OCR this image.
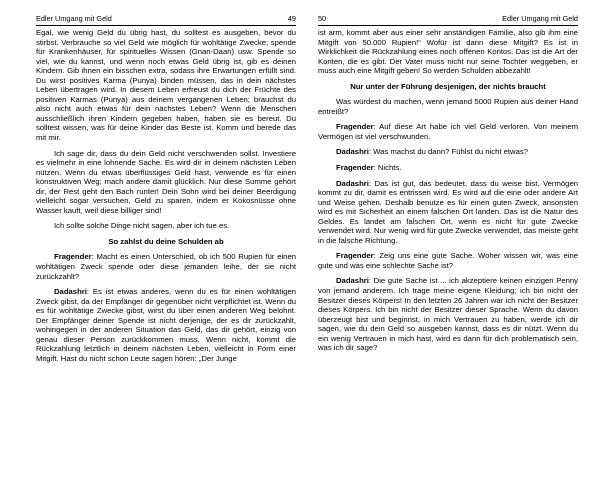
Edler Umgang mit Geld	49

Egal, wie wenig Geld du übrig hast, du solltest es ausgeben, bevor du stirbst. Verbrauche so viel Geld wie möglich für wohltätige Zwecke; spende für Krankenhäuser, für spirituelles Wissen (Gnan-Daan) usw. Spende so viel, wie du kannst, und wenn noch etwas Geld übrig ist, gib es deinen Kindern. Gib ihnen ein bisschen extra, sodass ihre Erwartungen erfüllt sind. Du wirst positives Karma (Punya) binden müssen, das in dein nächstes Leben übertragen wird. In diesem Leben erfreust du dich der Früchte des positiven Karmas (Punya) aus deinem vergangenen Leben; brauchst du also nicht auch etwas für dein nächstes Leben? Wenn die Menschen ausschließlich ihren Kindern gegeben haben, haben sie es bereut. Du solltest wissen, was für deine Kinder das Beste ist. Komm und berede das mit mir.

Ich sage dir, dass du dein Geld nicht verschwenden sollst. Investiere es vielmehr in eine lohnende Sache. Es wird dir in deinem nächsten Leben nützen. Wenn du etwas überflüssiges Geld hast, verwende es für einen konstruktiven Weg; mach andere damit glücklich. Nur diese Summe gehört dir, der Rest geht den Bach runter! Dein Sohn wird bei deiner Beerdigung vielleicht sogar versuchen, Geld zu sparen, indem er Kokosnüsse ohne Wasser kauft, weil diese billiger sind!

Ich sollte solche Dinge nicht sagen, aber ich tue es.

So zahlst du deine Schulden ab

Fragender: Macht es einen Unterschied, ob ich 500 Rupien für einen wohltätigen Zweck spende oder diese jemanden leihe, der sie nicht zurückzahlt?

Dadashri: Es ist etwas anderes, wenn du es für einen wohltätigen Zweck gibst, da der Empfänger dir gegenüber nicht verpflichtet ist. Wenn du es für wohltätige Zwecke gibst, wirst du über einen anderen Weg belohnt. Der Empfänger deiner Spende ist nicht derjenige, der es dir zurückzahlt, wohingegen in der anderen Situation das Geld, das dir gehört, einzig von genau dieser Person zurückkommen muss. Wenn nicht, kommt die Rückzahlung letztlich in deinem nächsten Leben, vielleicht in Form einer Mitgift. Hast du nicht schon Leute sagen hören: „Der Junge

50	Edler Umgang mit Geld

ist arm, kommt aber aus einer sehr anständigen Familie, also gib ihm eine Mitgift von 50.000 Rupien!“ Wofür ist dann diese Mitgift? Es ist in Wirklichkeit die Rückzahlung eines noch offenen Kontos. Das ist die Art der Konten, die es gibt. Der Vater muss nicht nur seine Tochter weggeben, er muss auch eine Mitgift geben! So werden Schulden abbezahlt!

Nur unter der Führung desjenigen, der nichts braucht

Was würdest du machen, wenn jemand 5000 Rupien aus deiner Hand entreißt?

Fragender: Auf diese Art habe ich viel Geld verloren. Von meinem Vermögen ist viel verschwunden.

Dadashri: Was machst du dann? Fühlst du nicht etwas?

Fragender: Nichts.

Dadashri: Das ist gut, das bedeutet, dass du weise bist. Vermögen kommt zu dir, damit es entrissen wird. Es wird auf die eine oder andere Art und Weise gehen. Deshalb benutze es für einen guten Zweck, ansonsten wird es mit Sicherheit an einem falschen Ort landen. Das ist die Natur des Geldes. Es landet am falschen Ort, wenn es nicht für gute Zwecke verwendet wird. Nur wenig wird für gute Zwecke verwendet, das meiste geht in die falsche Richtung.

Fragender: Zeig uns eine gute Sache. Woher wissen wir, was eine gute und was eine schlechte Sache ist?

Dadashri: Die gute Sache ist ... ich akzeptiere keinen einzigen Penny von jemand anderem. Ich trage meine eigene Kleidung; ich bin nicht der Besitzer dieses Körpers! In den letzten 26 Jahren war ich nicht der Besitzer dieses Körpers. Ich bin nicht der Besitzer dieser Sprache. Wenn du davon überzeugt bist und beginnst, in mich Vertrauen zu haben, werde ich dir sagen, wie du dein Geld so ausgeben kannst, dass es dir nützt. Wenn du ein wenig Vertrauen in mich hast, wird es dann für dich problematisch sein, was ich dir sage?
